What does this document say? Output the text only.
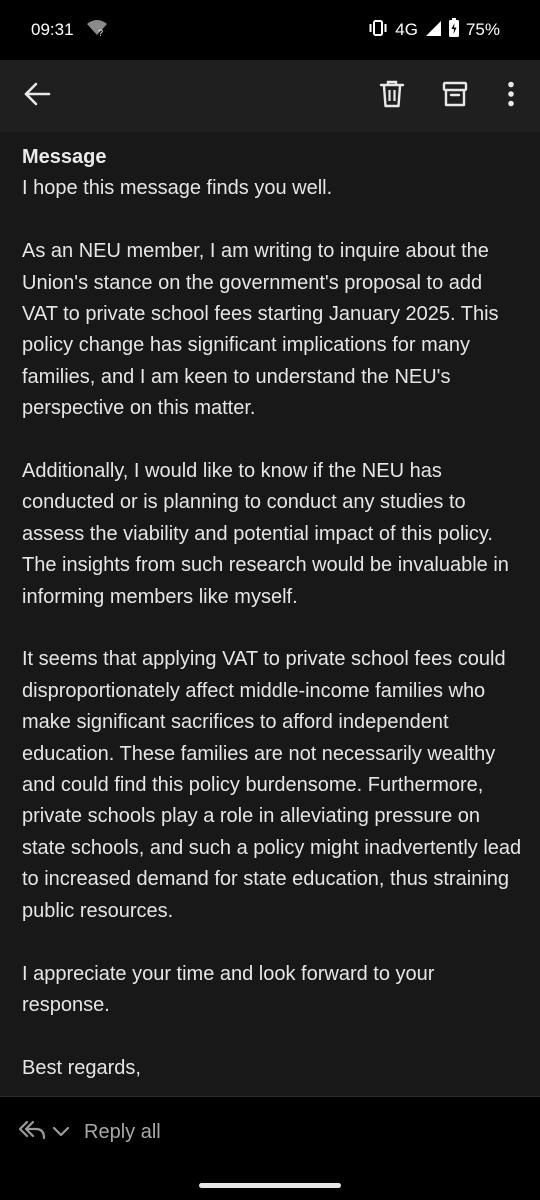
09:31	?	4G	75%
Message

I hope this message finds you well.

As an NEU member, I am writing to inquire about the Union's stance on the government's proposal to add VAT to private school fees starting January 2025. This policy change has significant implications for many families, and I am keen to understand the NEU's perspective on this matter.

Additionally, I would like to know if the NEU has conducted or is planning to conduct any studies to assess the viability and potential impact of this policy. The insights from such research would be invaluable in informing members like myself.

It seems that applying VAT to private school fees could disproportionately affect middle-income families who make significant sacrifices to afford independent education. These families are not necessarily wealthy and could find this policy burdensome. Furthermore, private schools play a role in alleviating pressure on state schools, and such a policy might inadvertently lead to increased demand for state education, thus straining public resources.

I appreciate your time and look forward to your response.

Best regards,

Reply all
